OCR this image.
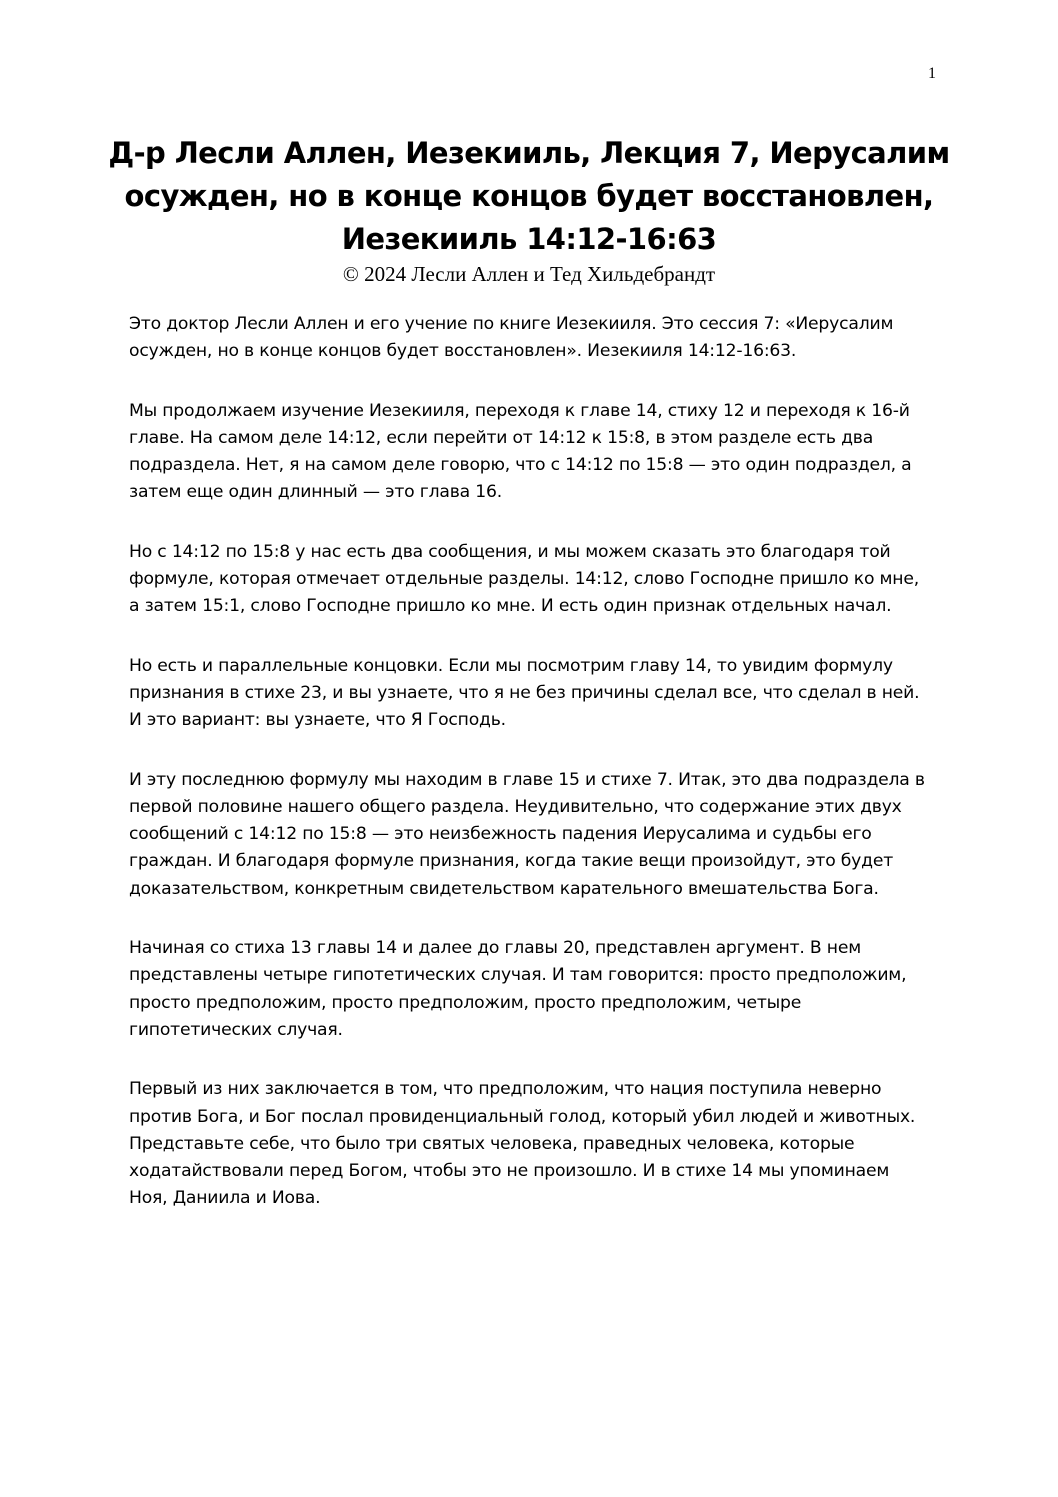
1
Д-р Лесли Аллен, Иезекииль, Лекция 7, Иерусалим осужден, но в конце концов будет восстановлен, Иезекииль 14:12-16:63

© 2024 Лесли Аллен и Тед Хильдебрандт

Это доктор Лесли Аллен и его учение по книге Иезекииля. Это сессия 7: «Иерусалим осужден, но в конце концов будет восстановлен». Иезекииля 14:12-16:63.

Мы продолжаем изучение Иезекииля, переходя к главе 14, стиху 12 и переходя к 16-й главе. На самом деле 14:12, если перейти от 14:12 к 15:8, в этом разделе есть два подраздела. Нет, я на самом деле говорю, что с 14:12 по 15:8 — это один подраздел, а затем еще один длинный — это глава 16.

Но с 14:12 по 15:8 у нас есть два сообщения, и мы можем сказать это благодаря той формуле, которая отмечает отдельные разделы. 14:12, слово Господне пришло ко мне, а затем 15:1, слово Господне пришло ко мне. И есть один признак отдельных начал.

Но есть и параллельные концовки. Если мы посмотрим главу 14, то увидим формулу признания в стихе 23, и вы узнаете, что я не без причины сделал все, что сделал в ней. И это вариант: вы узнаете, что Я Господь.

И эту последнюю формулу мы находим в главе 15 и стихе 7. Итак, это два подраздела в первой половине нашего общего раздела. Неудивительно, что содержание этих двух сообщений с 14:12 по 15:8 — это неизбежность падения Иерусалима и судьбы его граждан. И благодаря формуле признания, когда такие вещи произойдут, это будет доказательством, конкретным свидетельством карательного вмешательства Бога.

Начиная со стиха 13 главы 14 и далее до главы 20, представлен аргумент. В нем представлены четыре гипотетических случая. И там говорится: просто предположим, просто предположим, просто предположим, просто предположим, четыре гипотетических случая.

Первый из них заключается в том, что предположим, что нация поступила неверно против Бога, и Бог послал провиденциальный голод, который убил людей и животных. Представьте себе, что было три святых человека, праведных человека, которые ходатайствовали перед Богом, чтобы это не произошло. И в стихе 14 мы упоминаем Ноя, Даниила и Иова.
